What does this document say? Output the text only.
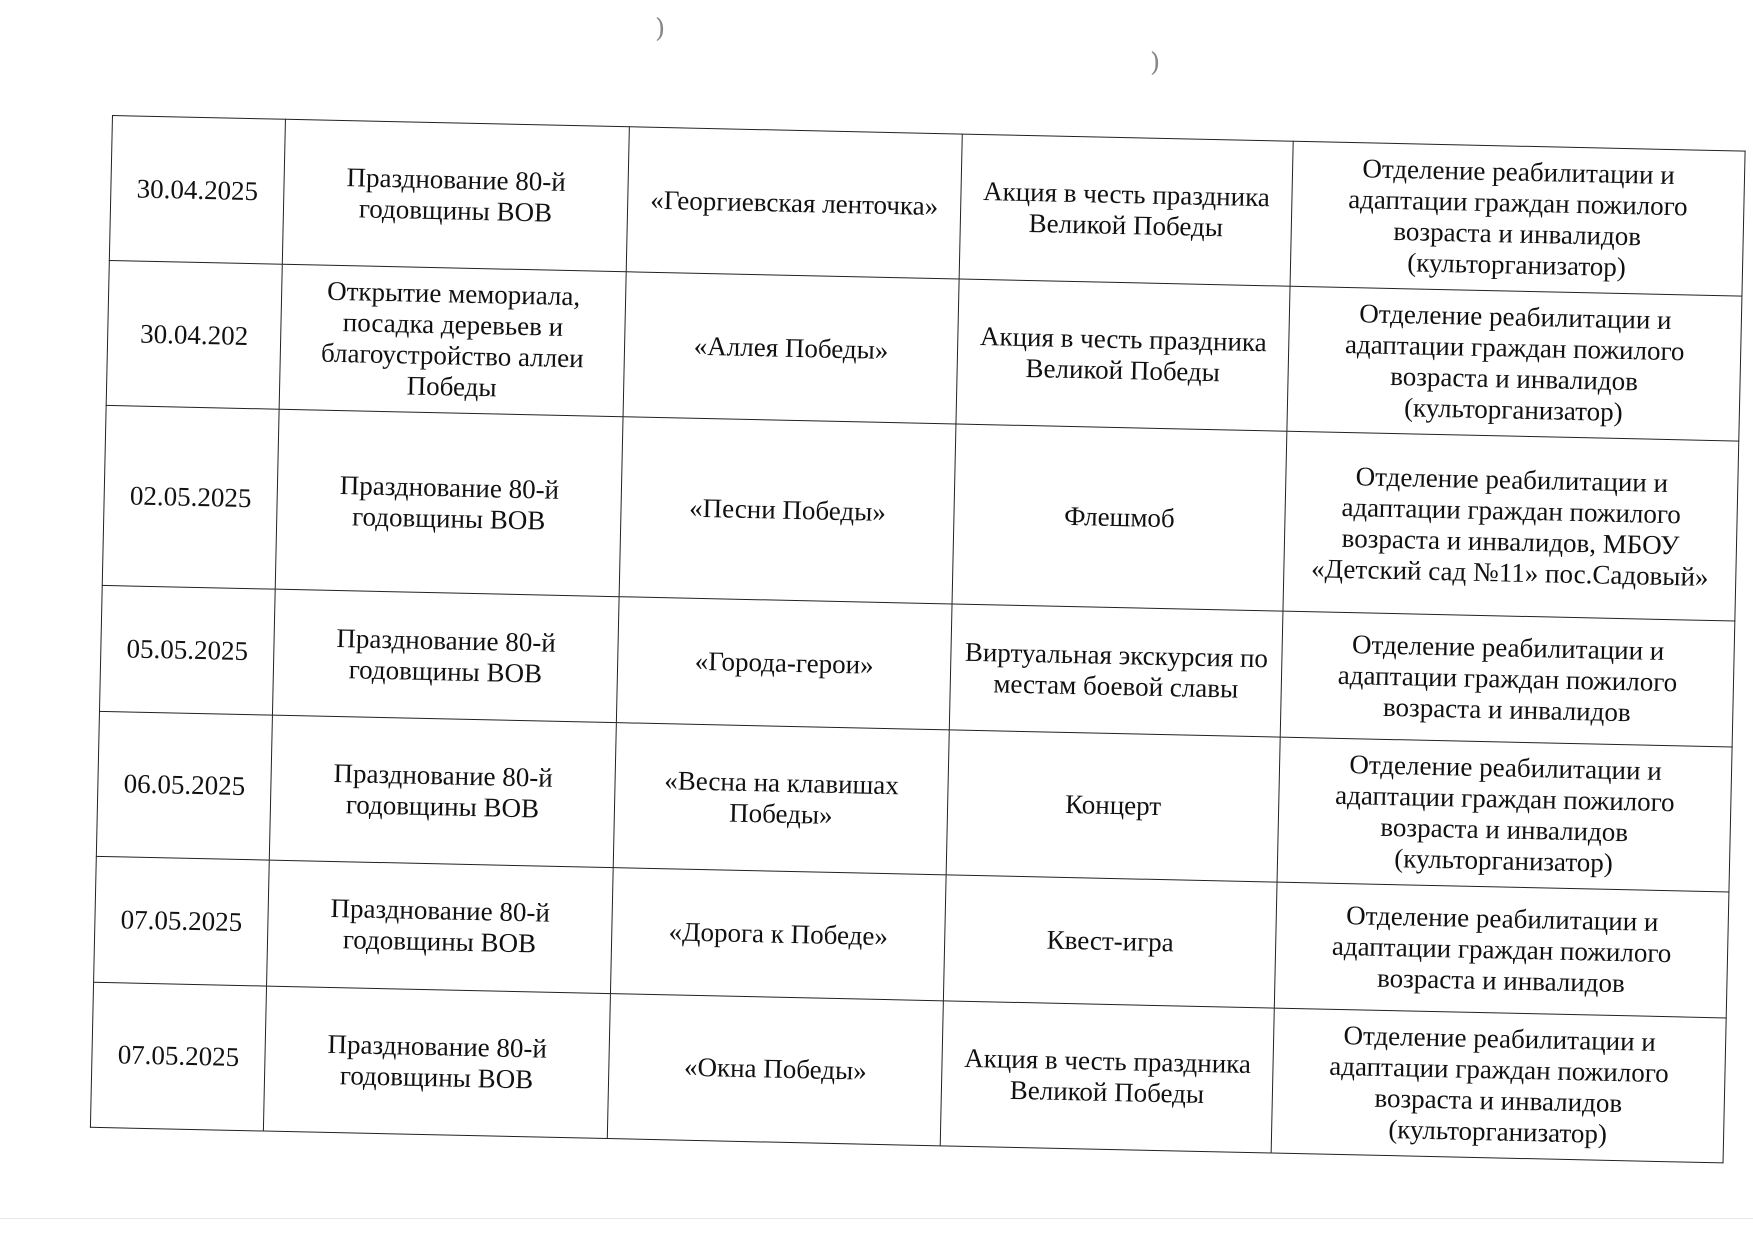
)
)
30.04.2025	Празднование 80-й годовщины ВОВ	«Георгиевская ленточка»	Акция в честь праздника Великой Победы	Отделение реабилитации и адаптации граждан пожилого возраста и инвалидов (культорганизатор)
30.04.202	Открытие мемориала, посадка деревьев и благоустройство аллеи Победы	«Аллея Победы»	Акция в честь праздника Великой Победы	Отделение реабилитации и адаптации граждан пожилого возраста и инвалидов (культорганизатор)
02.05.2025	Празднование 80-й годовщины ВОВ	«Песни Победы»	Флешмоб	Отделение реабилитации и адаптации граждан пожилого возраста и инвалидов, МБОУ «Детский сад №11» пос.Садовый»
05.05.2025	Празднование 80-й годовщины ВОВ	«Города-герои»	Виртуальная экскурсия по местам боевой славы	Отделение реабилитации и адаптации граждан пожилого возраста и инвалидов
06.05.2025	Празднование 80-й годовщины ВОВ	«Весна на клавишах Победы»	Концерт	Отделение реабилитации и адаптации граждан пожилого возраста и инвалидов (культорганизатор)
07.05.2025	Празднование 80-й годовщины ВОВ	«Дорога к Победе»	Квест-игра	Отделение реабилитации и адаптации граждан пожилого возраста и инвалидов
07.05.2025	Празднование 80-й годовщины ВОВ	«Окна Победы»	Акция в честь праздника Великой Победы	Отделение реабилитации и адаптации граждан пожилого возраста и инвалидов (культорганизатор)
